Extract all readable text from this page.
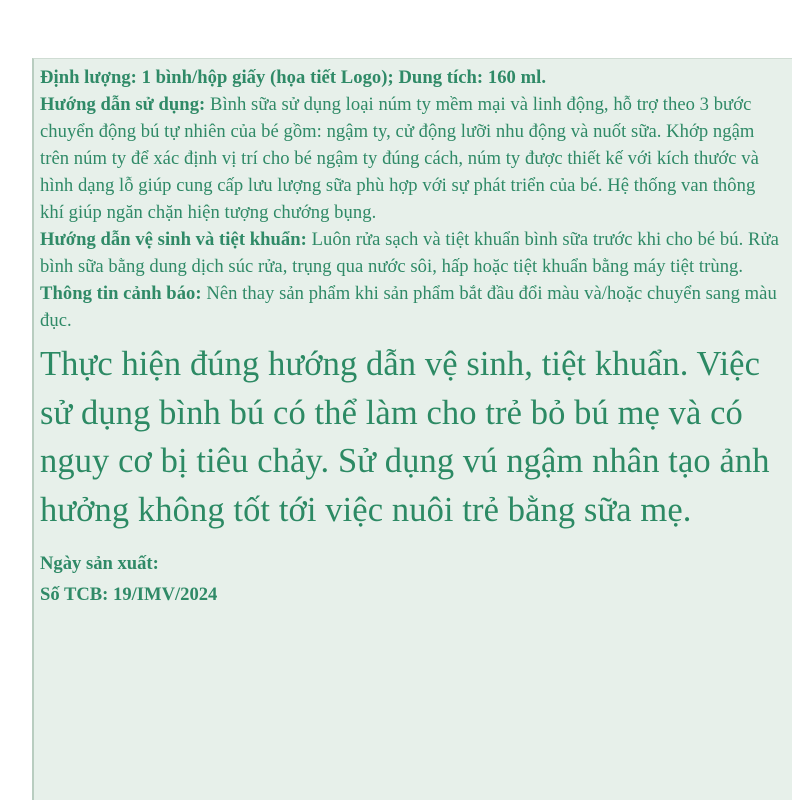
Định lượng: 1 bình/hộp giấy (họa tiết Logo); Dung tích: 160 ml.

Hướng dẫn sử dụng: Bình sữa sử dụng loại núm ty mềm mại và linh động, hỗ trợ theo 3 bước chuyển động bú tự nhiên của bé gồm: ngậm ty, cử động lưỡi nhu động và nuốt sữa. Khớp ngậm trên núm ty để xác định vị trí cho bé ngậm ty đúng cách, núm ty được thiết kế với kích thước và hình dạng lỗ giúp cung cấp lưu lượng sữa phù hợp với sự phát triển của bé. Hệ thống van thông khí giúp ngăn chặn hiện tượng chướng bụng.

Hướng dẫn vệ sinh và tiệt khuẩn: Luôn rửa sạch và tiệt khuẩn bình sữa trước khi cho bé bú. Rửa bình sữa bằng dung dịch súc rửa, trụng qua nước sôi, hấp hoặc tiệt khuẩn bằng máy tiệt trùng.

Thông tin cảnh báo: Nên thay sản phẩm khi sản phẩm bắt đầu đổi màu và/hoặc chuyển sang màu đục.

Thực hiện đúng hướng dẫn vệ sinh, tiệt khuẩn. Việc sử dụng bình bú có thể làm cho trẻ bỏ bú mẹ và có nguy cơ bị tiêu chảy. Sử dụng vú ngậm nhân tạo ảnh hưởng không tốt tới việc nuôi trẻ bằng sữa mẹ.

Ngày sản xuất:

Số TCB: 19/IMV/2024
